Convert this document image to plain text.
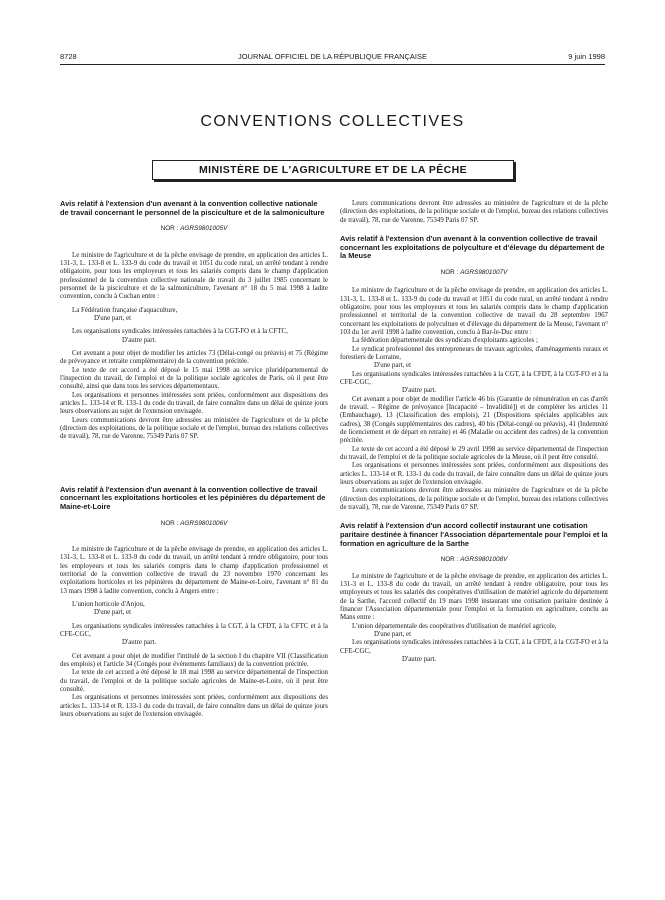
8728	JOURNAL OFFICIEL DE LA RÉPUBLIQUE FRANÇAISE	9 juin 1998
CONVENTIONS COLLECTIVES
MINISTÈRE DE L'AGRICULTURE ET DE LA PÊCHE
Avis relatif à l'extension d'un avenant à la convention collective nationale de travail concernant le personnel de la pisciculture et de la salmoniculture
NOR : AGRS9801005V

Le ministre de l'agriculture et de la pêche envisage de prendre, en application des articles L. 131-3, L. 133-8 et L. 133-9 du code du travail et 1051 du code rural, un arrêté tendant à rendre obligatoire, pour tous les employeurs et tous les salariés compris dans le champ d'application professionnel de la convention collective nationale de travail du 3 juillet 1985 concernant le personnel de la pisciculture et de la salmoniculture, l'avenant n° 18 du 5 mai 1998 à ladite convention, conclu à Cuchan entre :

La Fédération française d'aquaculture,

D'une part, et

Les organisations syndicales intéressées rattachées à la CGT-FO et à la CFTC,

D'autre part.

Cet avenant a pour objet de modifier les articles 73 (Délai-congé ou préavis) et 75 (Régime de prévoyance et retraite complémentaire) de la convention précitée.

Le texte de cet accord a été déposé le 15 mai 1998 au service pluridépartemental de l'inspection du travail, de l'emploi et de la politique sociale agricoles de Paris, où il peut être consulté, ainsi que dans tous les services départementaux.

Les organisations et personnes intéressées sont priées, conformément aux dispositions des articles L. 133-14 et R. 133-1 du code du travail, de faire connaître dans un délai de quinze jours leurs observations au sujet de l'extension envisagée.

Leurs communications devront être adressées au ministère de l'agriculture et de la pêche (direction des exploitations, de la politique sociale et de l'emploi, bureau des relations collectives de travail), 78, rue de Varenne, 75349 Paris 07 SP.

Avis relatif à l'extension d'un avenant à la convention collective de travail concernant les exploitations horticoles et les pépinières du département de Maine-et-Loire
NOR : AGRS9801006V

Le ministre de l'agriculture et de la pêche envisage de prendre, en application des articles L. 131-3, L. 133-8 et L. 133-9 du code du travail, un arrêté tendant à rendre obligatoire, pour tous les employeurs et tous les salariés compris dans le champ d'application professionnel et territorial de la convention collective de travail du 23 novembre 1970 concernant les exploitations horticoles et les pépinières du département de Maine-et-Loire, l'avenant n° 81 du 13 mars 1998 à ladite convention, conclu à Angers entre :

L'union horticole d'Anjou,

D'une part, et

Les organisations syndicales intéressées rattachées à la CGT, à la CFDT, à la CFTC et à la CFE-CGC,

D'autre part.

Cet avenant a pour objet de modifier l'intitulé de la section I du chapitre VII (Classification des emplois) et l'article 34 (Congés pour événements familiaux) de la convention précitée.

Le texte de cet accord a été déposé le 18 mai 1998 au service départemental de l'inspection du travail, de l'emploi et de la politique sociale agricoles de Maine-et-Loire, où il peut être consulté.

Les organisations et personnes intéressées sont priées, conformément aux dispositions des articles L. 133-14 et R. 133-1 du code du travail, de faire connaître dans un délai de quinze jours leurs observations au sujet de l'extension envisagée.

Leurs communications devront être adressées au ministère de l'agriculture et de la pêche (direction des exploitations, de la politique sociale et de l'emploi, bureau des relations collectives de travail), 78, rue de Varenne, 75349 Paris 07 SP.

Avis relatif à l'extension d'un avenant à la convention collective de travail concernant les exploitations de polyculture et d'élevage du département de la Meuse
NOR : AGRS9801007V

Le ministre de l'agriculture et de la pêche envisage de prendre, en application des articles L. 131-3, L. 133-8 et L. 133-9 du code du travail et 1051 du code rural, un arrêté tendant à rendre obligatoire, pour tous les employeurs et tous les salariés compris dans le champ d'application professionnel et territorial de la convention collective de travail du 28 septembre 1967 concernant les exploitations de polyculture et d'élevage du département de la Meuse, l'avenant n° 103 du 1er avril 1998 à ladite convention, conclu à Bar-le-Duc entre :

La fédération départementale des syndicats d'exploitants agricoles ;

Le syndicat professionnel des entrepreneurs de travaux agricoles, d'aménagements ruraux et forestiers de Lorraine,

D'une part, et

Les organisations syndicales intéressées rattachées à la CGT, à la CFDT, à la CGT-FO et à la CFE-CGC,

D'autre part.

Cet avenant a pour objet de modifier l'article 46 bis (Garantie de rémunération en cas d'arrêt de travail. – Régime de prévoyance [Incapacité – Invalidité]) et de compléter les articles 11 (Embauchage), 13 (Classification des emplois), 21 (Dispositions spéciales applicables aux cadres), 38 (Congés supplémentaires des cadres), 40 bis (Délai-congé ou préavis), 41 (Indemnité de licenciement et de départ en retraite) et 46 (Maladie ou accident des cadres) de la convention précitée.

Le texte de cet accord a été déposé le 29 avril 1998 au service départemental de l'inspection du travail, de l'emploi et de la politique sociale agricoles de la Meuse, où il peut être consulté.

Les organisations et personnes intéressées sont priées, conformément aux dispositions des articles L. 133-14 et R. 133-1 du code du travail, de faire connaître dans un délai de quinze jours leurs observations au sujet de l'extension envisagée.

Leurs communications devront être adressées au ministère de l'agriculture et de la pêche (direction des exploitations, de la politique sociale et de l'emploi, bureau des relations collectives de travail), 78, rue de Varenne, 75349 Paris 07 SP.

Avis relatif à l'extension d'un accord collectif instaurant une cotisation paritaire destinée à financer l'Association départementale pour l'emploi et la formation en agriculture de la Sarthe
NOR : AGRS9801008V

Le ministre de l'agriculture et de la pêche envisage de prendre, en application des articles L. 131-3 et L. 133-8 du code du travail, un arrêté tendant à rendre obligatoire, pour tous les employeurs et tous les salariés des coopératives d'utilisation de matériel agricole du département de la Sarthe, l'accord collectif du 19 mars 1998 instaurant une cotisation paritaire destinée à financer l'Association départementale pour l'emploi et la formation en agriculture, conclu au Mans entre :

L'union départementale des coopératives d'utilisation de matériel agricole,

D'une part, et

Les organisations syndicales intéressées rattachées à la CGT, à la CFDT, à la CGT-FO et à la CFE-CGC,

D'autre part.
